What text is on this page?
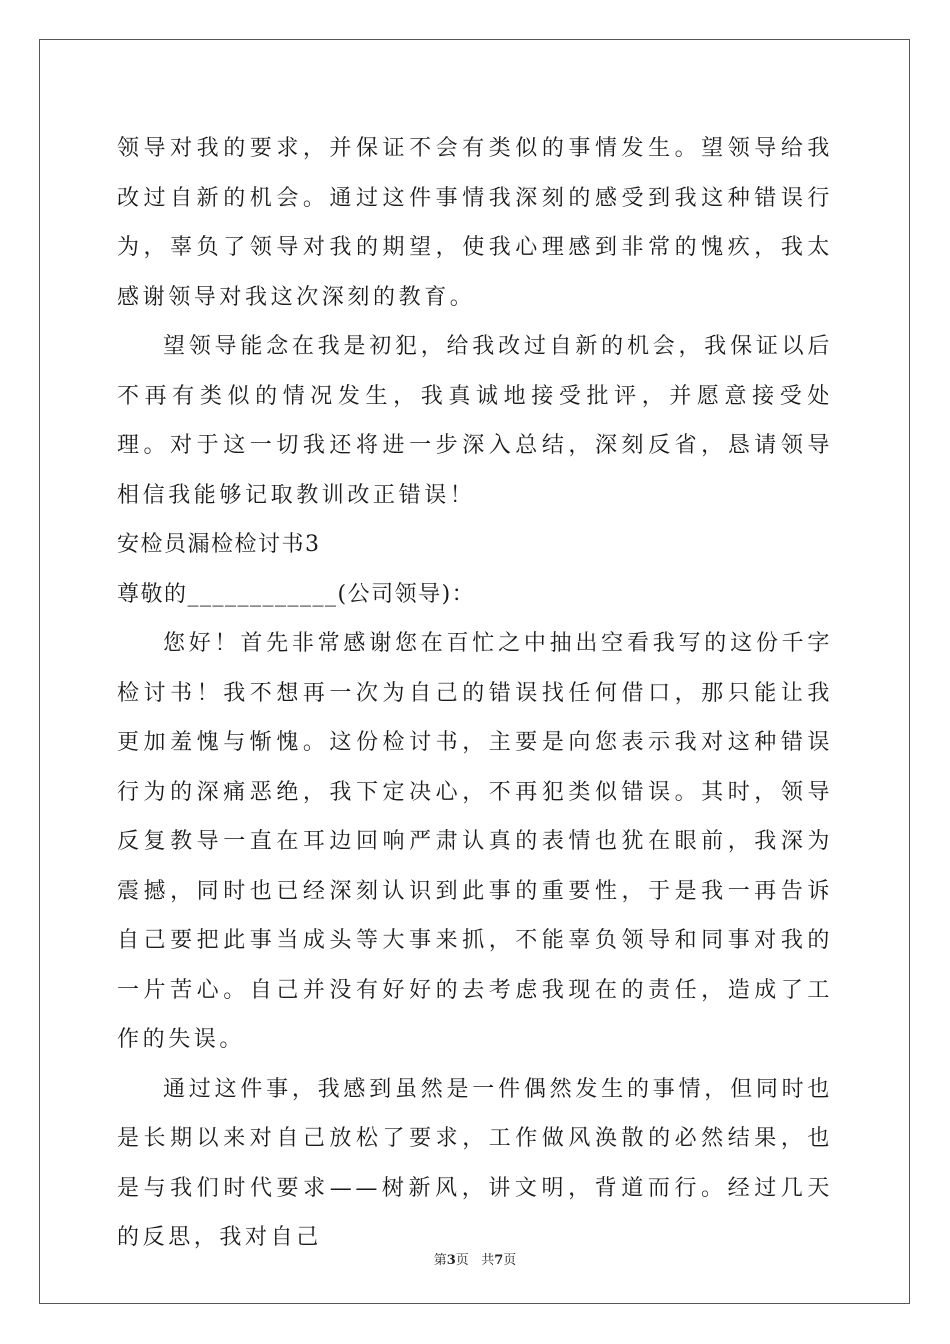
领导对我的要求，并保证不会有类似的事情发生。望领导给我改过自新的机会。通过这件事情我深刻的感受到我这种错误行为，辜负了领导对我的期望，使我心理感到非常的愧疚，我太感谢领导对我这次深刻的教育。

望领导能念在我是初犯，给我改过自新的机会，我保证以后不再有类似的情况发生，我真诚地接受批评，并愿意接受处理。对于这一切我还将进一步深入总结，深刻反省，恳请领导相信我能够记取教训改正错误！

安检员漏检检讨书3

尊敬的____________(公司领导)：

您好！首先非常感谢您在百忙之中抽出空看我写的这份千字检讨书！我不想再一次为自己的错误找任何借口，那只能让我更加羞愧与惭愧。这份检讨书，主要是向您表示我对这种错误行为的深痛恶绝，我下定决心，不再犯类似错误。其时，领导反复教导一直在耳边回响严肃认真的表情也犹在眼前，我深为震撼，同时也已经深刻认识到此事的重要性，于是我一再告诉自己要把此事当成头等大事来抓，不能辜负领导和同事对我的一片苦心。自己并没有好好的去考虑我现在的责任，造成了工作的失误。

通过这件事，我感到虽然是一件偶然发生的事情，但同时也是长期以来对自己放松了要求，工作做风涣散的必然结果，也是与我们时代要求——树新风，讲文明，背道而行。经过几天的反思，我对自己

第3页 共7页
